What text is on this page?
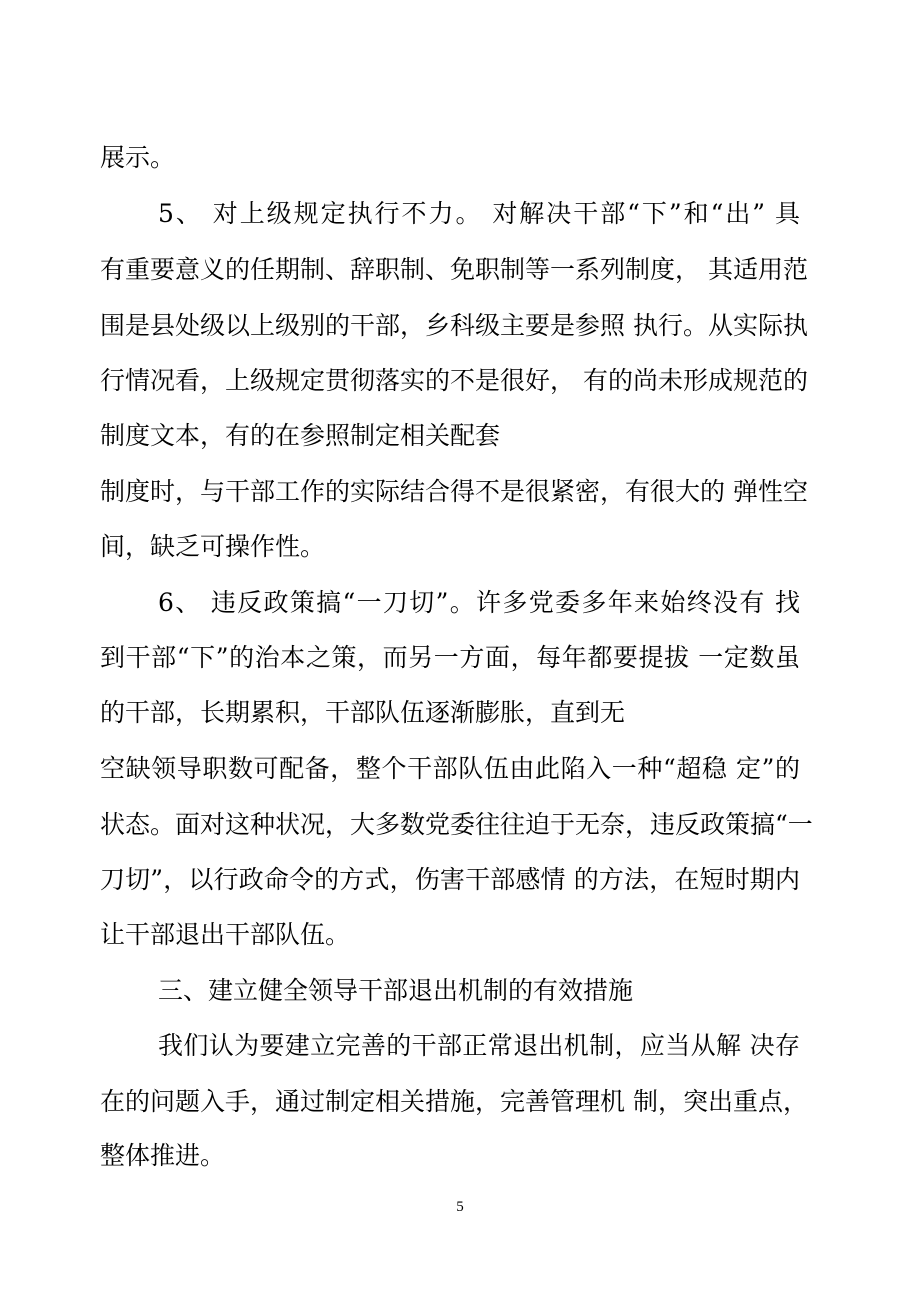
展示。
5、 对上级规定执行不力。 对解决干部“下”和“出” 具
有重要意义的任期制、辞职制、免职制等一系列制度， 其适用范
围是县处级以上级别的干部，乡科级主要是参照 执行。从实际执
行情况看，上级规定贯彻落实的不是很好， 有的尚未形成规范的
制度文本，有的在参照制定相关配套
制度时，与干部工作的实际结合得不是很紧密，有很大的 弹性空
间，缺乏可操作性。
6、 违反政策搞“一刀切”。许多党委多年来始终没有 找
到干部“下”的治本之策，而另一方面，每年都要提拔 一定数虽
的干部，长期累积，干部队伍逐渐膨胀，直到无
空缺领导职数可配备，整个干部队伍由此陷入一种“超稳 定”的
状态。面对这种状况，大多数党委往往迫于无奈，违反政策搞“一
刀切”，以行政命令的方式，伤害干部感情 的方法，在短时期内
让干部退出干部队伍。
三、建立健全领导干部退出机制的有效措施
我们认为要建立完善的干部正常退出机制，应当从解 决存
在的问题入手，通过制定相关措施，完善管理机 制，突出重点，
整体推进。
5
